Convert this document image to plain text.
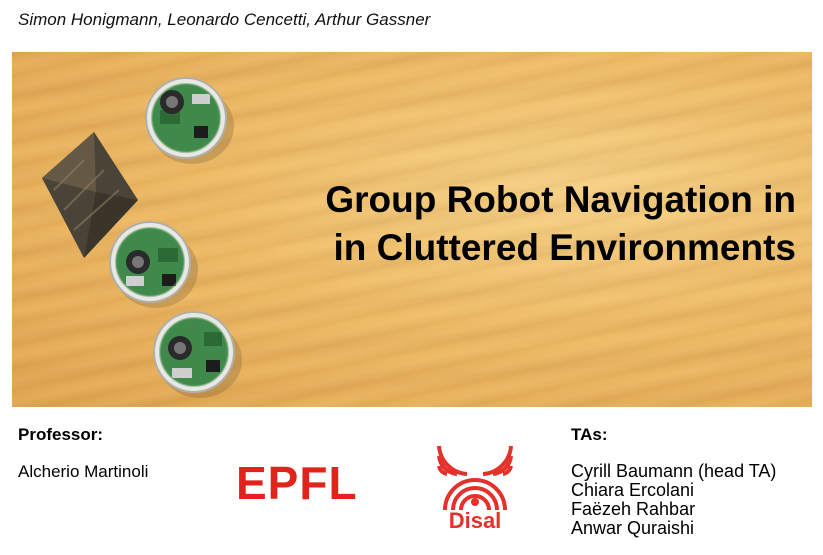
Simon Honigmann, Leonardo Cencetti, Arthur Gassner
Group Robot Navigation in
in Cluttered Environments
Professor:
Alcherio Martinoli EPFL
Disal
TAs:
Cyrill Baumann (head TA)
Chiara Ercolani
Faëzeh Rahbar
Anwar Quraishi
